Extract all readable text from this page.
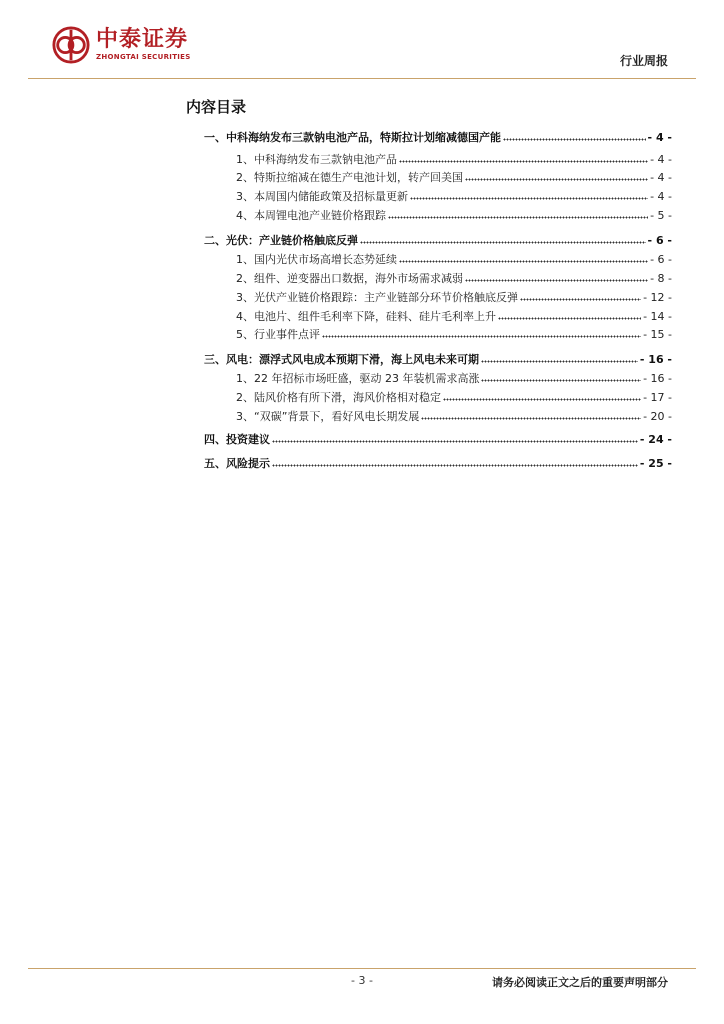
中泰证券
ZHONGTAI SECURITIES	行业周报
内容目录
一、中科海纳发布三款钠电池产品，特斯拉计划缩减德国产能	- 4 -
1、中科海纳发布三款钠电池产品	- 4 -
2、特斯拉缩减在德生产电池计划，转产回美国	- 4 -
3、本周国内储能政策及招标量更新	- 4 -
4、本周锂电池产业链价格跟踪	- 5 -
二、光伏：产业链价格触底反弹	- 6 -
1、国内光伏市场高增长态势延续	- 6 -
2、组件、逆变器出口数据，海外市场需求减弱	- 8 -
3、光伏产业链价格跟踪：主产业链部分环节价格触底反弹	- 12 -
4、电池片、组件毛利率下降，硅料、硅片毛利率上升	- 14 -
5、行业事件点评	- 15 -
三、风电：漂浮式风电成本预期下滑，海上风电未来可期	- 16 -
1、22 年招标市场旺盛，驱动 23 年装机需求高涨	- 16 -
2、陆风价格有所下滑，海风价格相对稳定	- 17 -
3、“双碳”背景下，看好风电长期发展	- 20 -
四、投资建议	- 24 -
五、风险提示	- 25 -
- 3 -	请务必阅读正文之后的重要声明部分
